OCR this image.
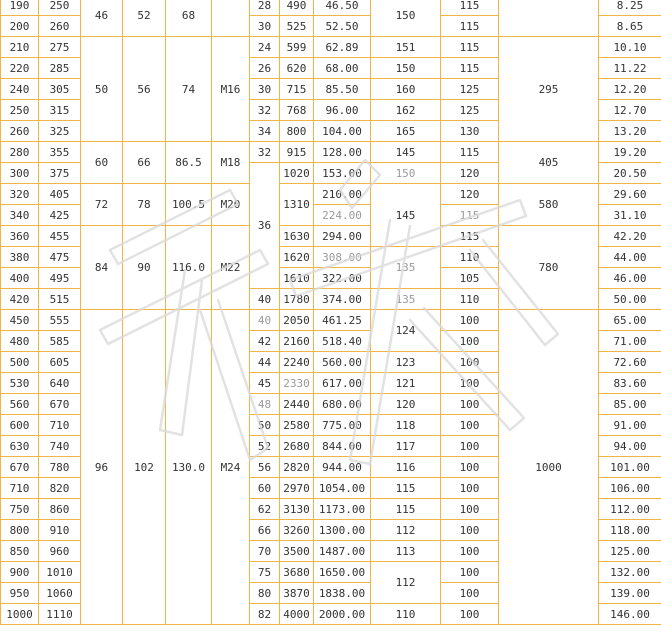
190	250	46	52	68		28	490	46.50	150	115		8.25
200	260					30	525	52.50		115		8.65
210	275	50	56	74	M16	24	599	62.89	151	115	295	10.10
220	285					26	620	68.00	150	115		11.22
240	305					30	715	85.50	160	125		12.20
250	315					32	768	96.00	162	125		12.70
260	325					34	800	104.00	165	130		13.20
280	355	60	66	86.5	M18	32	915	128.00	145	115	405	19.20
300	375					36	1020	153.00	150	120		20.50
320	405	72	78	100.5	M20		1310	210.00	145	120	580	29.60
340	425							224.00		115		31.10
360	455	84	90	116.0	M22		1630	294.00		115	780	42.20
380	475						1620	308.00	135	110		44.00
400	495						1610	322.00		105		46.00
420	515					40	1780	374.00	135	110		50.00
450	555	96	102	130.0	M24	40	2050	461.25	124	100	1000	65.00
480	585					42	2160	518.40		100		71.00
500	605					44	2240	560.00	123	100		72.60
530	640					45	2330	617.00	121	100		83.60
560	670					48	2440	680.00	120	100		85.00
600	710					50	2580	775.00	118	100		91.00
630	740					52	2680	844.00	117	100		94.00
670	780					56	2820	944.00	116	100		101.00
710	820					60	2970	1054.00	115	100		106.00
750	860					62	3130	1173.00	115	100		112.00
800	910					66	3260	1300.00	112	100		118.00
850	960					70	3500	1487.00	113	100		125.00
900	1010					75	3680	1650.00	112	100		132.00
950	1060					80	3870	1838.00		100		139.00
1000	1110					82	4000	2000.00	110	100		146.00
